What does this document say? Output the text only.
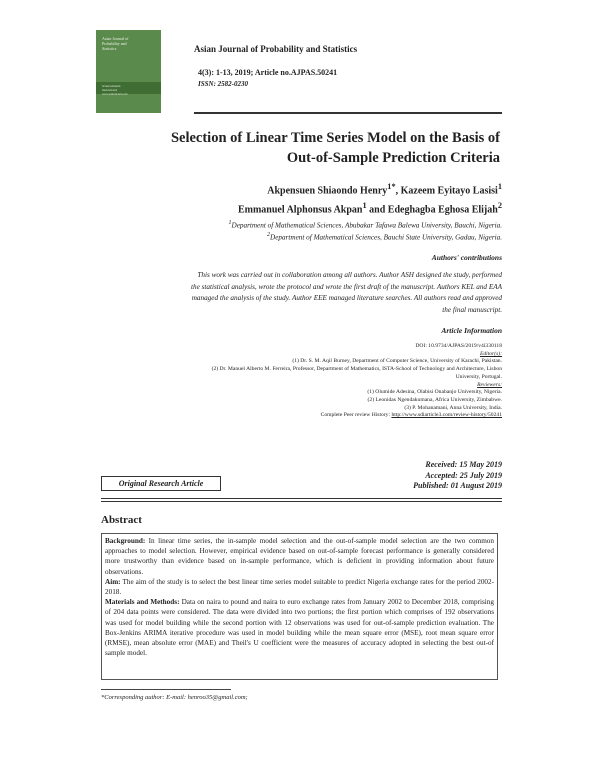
Asian Journal of
Probability and
Statistics
Sciencedomain
international
www.sdiarticle3.com
Asian Journal of Probability and Statistics
4(3): 1-13, 2019; Article no.AJPAS.50241
ISSN: 2582-0230
Selection of Linear Time Series Model on the Basis of
Out-of-Sample Prediction Criteria
Akpensuen Shiaondo Henry$^{1*}$, Kazeem Eyitayo Lasisi$^1$
Emmanuel Alphonsus Akpan$^1$ and Edeghagba Eghosa Elijah$^2$
$^1$Department of Mathematical Sciences, Abubakar Tafawa Balewa University, Bauchi, Nigeria.
$^2$Department of Mathematical Sciences, Bauchi State University, Gadau, Nigeria.
Authors' contributions
This work was carried out in collaboration among all authors. Author ASH designed the study, performed
the statistical analysis, wrote the protocol and wrote the first draft of the manuscript. Authors KEL and EAA
managed the analysis of the study. Author EEE managed literature searches. All authors read and approved
the final manuscript.
Article Information
DOI: 10.9734/AJPAS/2019/v4i330118
Editor(s):
(1) Dr. S. M. Aqil Burney, Department of Computer Science, University of Karachi, Pakistan.
(2) Dr. Manuel Alberto M. Ferreira, Professor, Department of Mathematics, ISTA-School of Technology and Architecture, Lisbon
University, Portugal.
Reviewers:
(1) Olumide Adesina, Olabisi Onabanjo University, Nigeria.
(2) Leonidas Ngendakumana, Africa University, Zimbabwe.
(3) P. Mohanamani, Anna University, India.
Complete Peer review History: http://www.sdiarticle3.com/review-history/50241
Received: 15 May 2019
Accepted: 25 July 2019
Published: 01 August 2019
Original Research Article
Abstract

Background: In linear time series, the in-sample model selection and the out-of-sample model selection are the two common approaches to model selection. However, empirical evidence based on out-of-sample forecast performance is generally considered more trustworthy than evidence based on in-sample performance, which is deficient in providing information about future observations.

Aim: The aim of the study is to select the best linear time series model suitable to predict Nigeria exchange rates for the period 2002-2018.

Materials and Methods: Data on naira to pound and naira to euro exchange rates from January 2002 to December 2018, comprising of 204 data points were considered. The data were divided into two portions; the first portion which comprises of 192 observations was used for model building while the second portion with 12 observations was used for out-of-sample prediction evaluation. The Box-Jenkins ARIMA iterative procedure was used in model building while the mean square error (MSE), root mean square error (RMSE), mean absolute error (MAE) and Theil's U coefficient were the measures of accuracy adopted in selecting the best out-of sample model.

*Corresponding author: E-mail: henroo35@gmail.com;
